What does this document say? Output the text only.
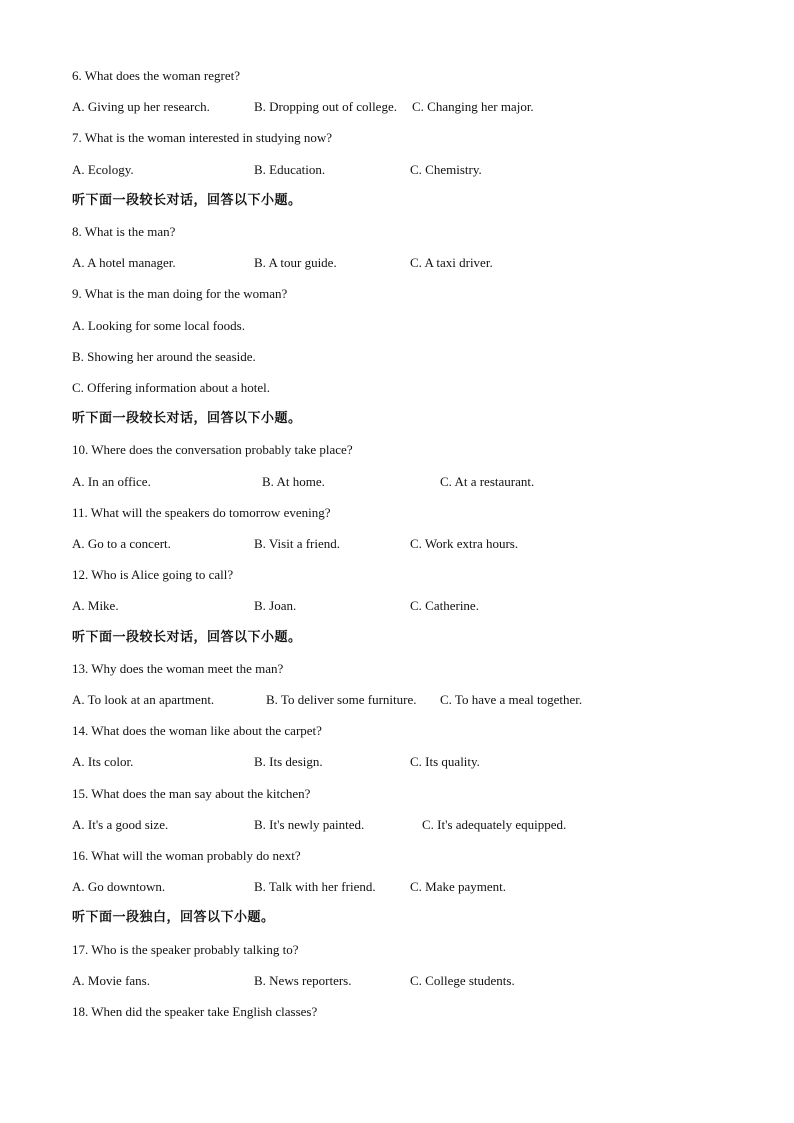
6. What does the woman regret?
A. Giving up her research.	B. Dropping out of college. C. Changing her major.
7. What is the woman interested in studying now?
A. Ecology.	B. Education.	C. Chemistry.
听下面一段较长对话，回答以下小题。
8. What is the man?
A. A hotel manager.	B. A tour guide.	C. A taxi driver.
9. What is the man doing for the woman?
A. Looking for some local foods.
B. Showing her around the seaside.
C. Offering information about a hotel.
听下面一段较长对话，回答以下小题。
10. Where does the conversation probably take place?
A. In an office.	B. At home.	C. At a restaurant.
11. What will the speakers do tomorrow evening?
A. Go to a concert.	B. Visit a friend.	C. Work extra hours.
12. Who is Alice going to call?
A. Mike.	B. Joan.	C. Catherine.
听下面一段较长对话，回答以下小题。
13. Why does the woman meet the man?
A. To look at an apartment.	B. To deliver some furniture. C. To have a meal together.
14. What does the woman like about the carpet?
A. Its color.	B. Its design.	C. Its quality.
15. What does the man say about the kitchen?
A. It's a good size.	B. It's newly painted.	C. It's adequately equipped.
16. What will the woman probably do next?
A. Go downtown.	B. Talk with her friend.	C. Make payment.
听下面一段独白，回答以下小题。
17. Who is the speaker probably talking to?
A. Movie fans.	B. News reporters.	C. College students.
18. When did the speaker take English classes?
